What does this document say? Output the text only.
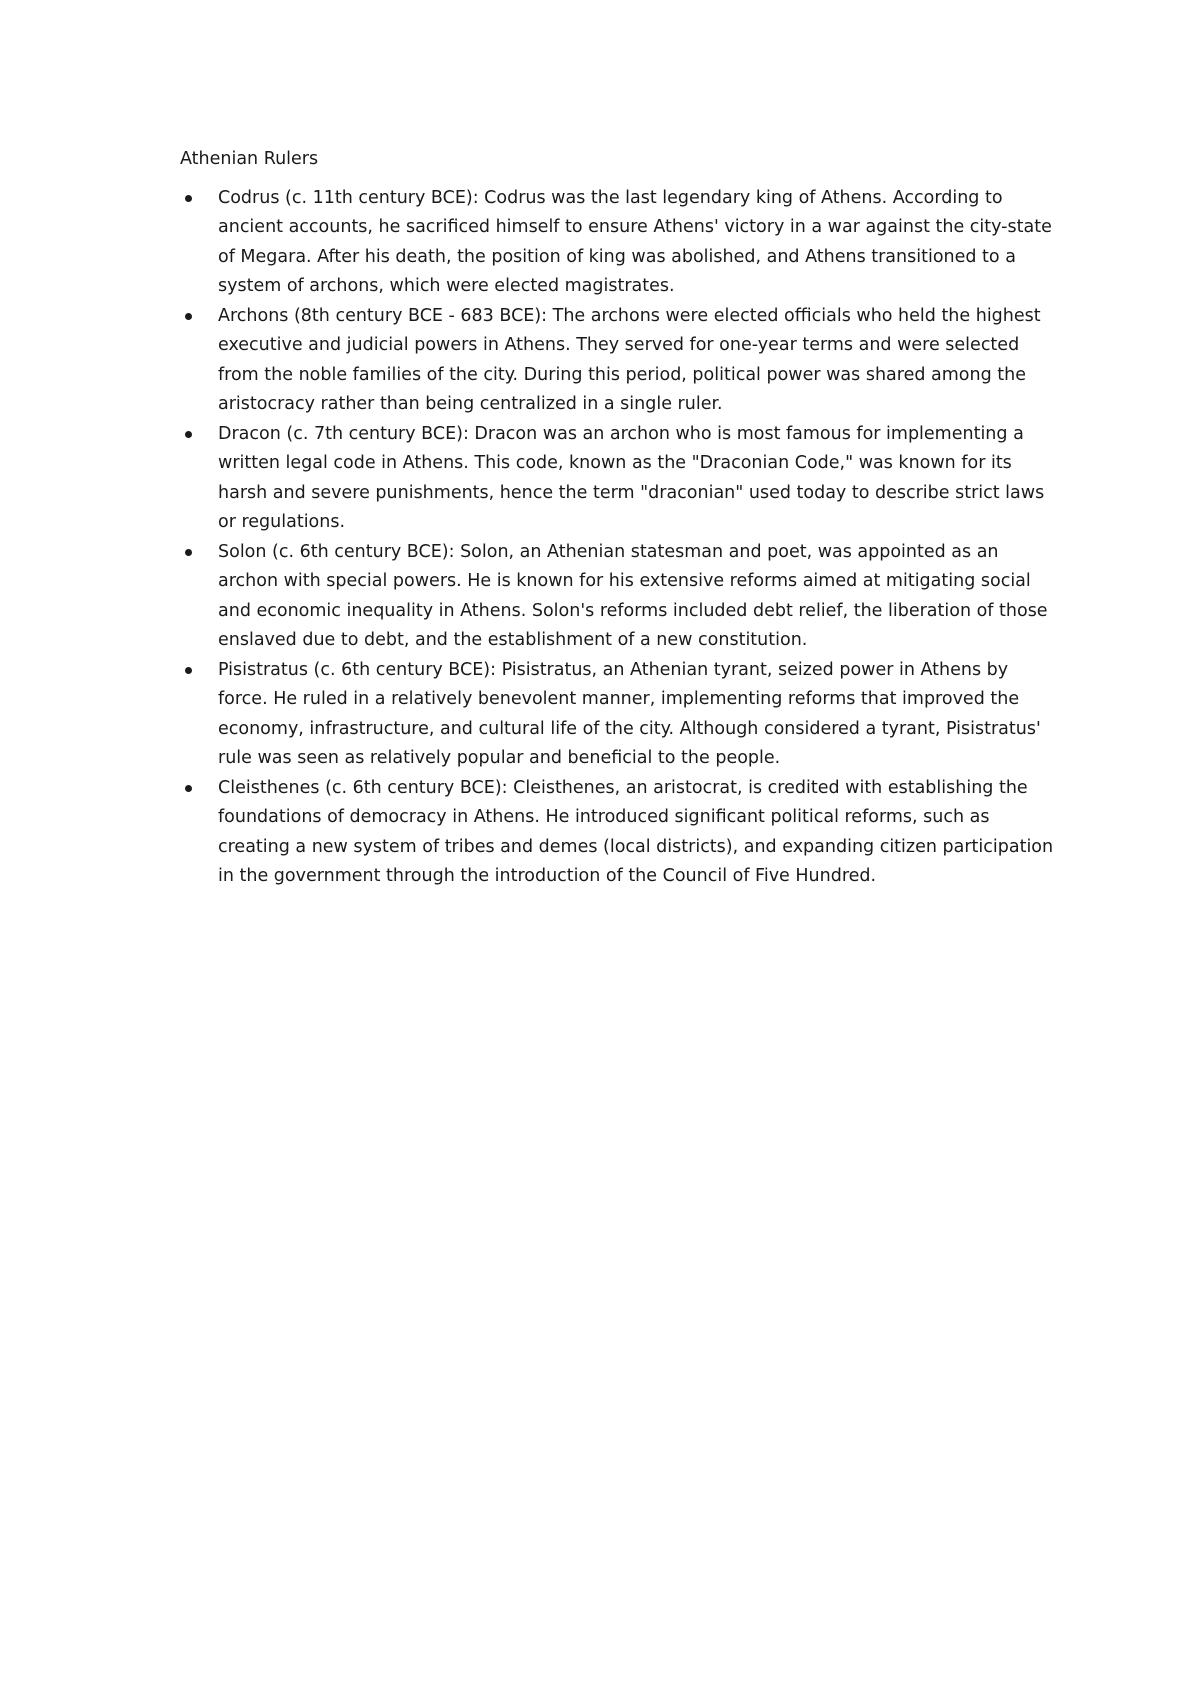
Athenian Rulers
Codrus (c. 11th century BCE): Codrus was the last legendary king of Athens. According to ancient accounts, he sacrificed himself to ensure Athens' victory in a war against the city-state of Megara. After his death, the position of king was abolished, and Athens transitioned to a system of archons, which were elected magistrates.
Archons (8th century BCE - 683 BCE): The archons were elected officials who held the highest executive and judicial powers in Athens. They served for one-year terms and were selected from the noble families of the city. During this period, political power was shared among the aristocracy rather than being centralized in a single ruler.
Dracon (c. 7th century BCE): Dracon was an archon who is most famous for implementing a written legal code in Athens. This code, known as the "Draconian Code," was known for its harsh and severe punishments, hence the term "draconian" used today to describe strict laws or regulations.
Solon (c. 6th century BCE): Solon, an Athenian statesman and poet, was appointed as an archon with special powers. He is known for his extensive reforms aimed at mitigating social and economic inequality in Athens. Solon's reforms included debt relief, the liberation of those enslaved due to debt, and the establishment of a new constitution.
Pisistratus (c. 6th century BCE): Pisistratus, an Athenian tyrant, seized power in Athens by force. He ruled in a relatively benevolent manner, implementing reforms that improved the economy, infrastructure, and cultural life of the city. Although considered a tyrant, Pisistratus' rule was seen as relatively popular and beneficial to the people.
Cleisthenes (c. 6th century BCE): Cleisthenes, an aristocrat, is credited with establishing the foundations of democracy in Athens. He introduced significant political reforms, such as creating a new system of tribes and demes (local districts), and expanding citizen participation in the government through the introduction of the Council of Five Hundred.
